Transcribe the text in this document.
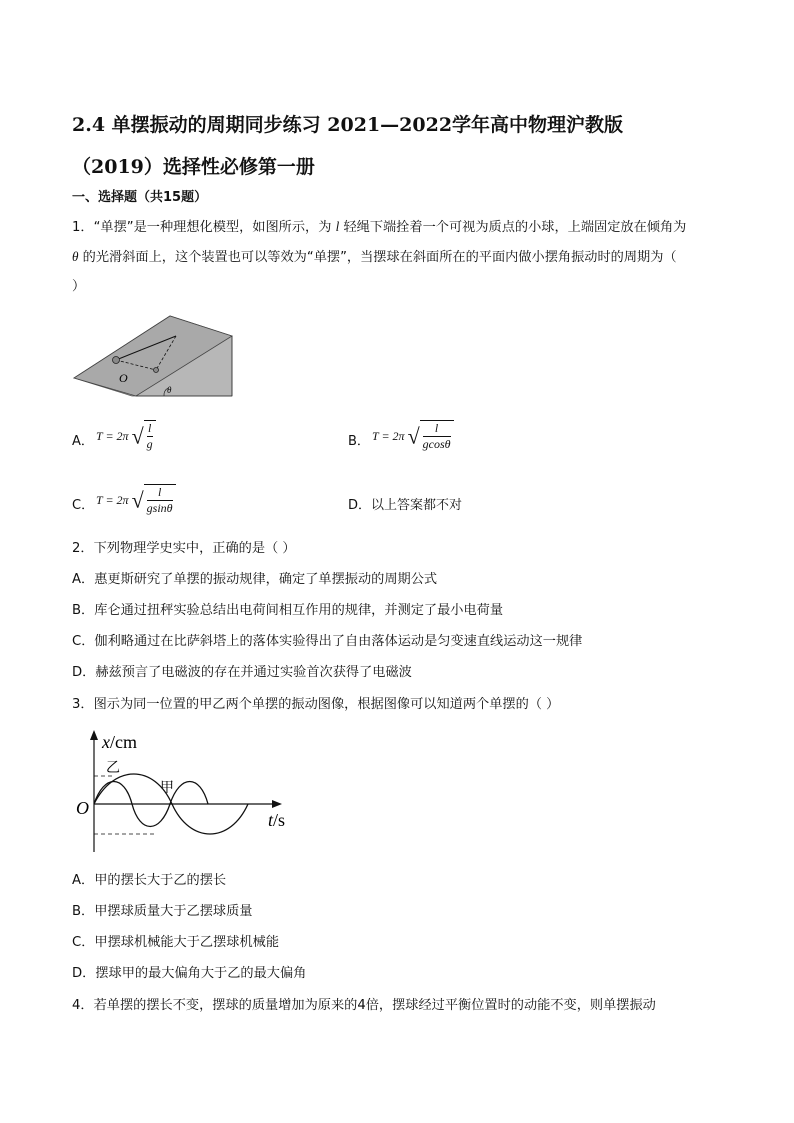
2.4 单摆振动的周期同步练习 2021—2022学年高中物理沪教版
（2019）选择性必修第一册
一、选择题（共15题）
1．“单摆”是一种理想化模型，如图所示，为 l 轻绳下端拴着一个可视为质点的小球，上端固定放在倾角为
θ 的光滑斜面上，这个装置也可以等效为“单摆”，当摆球在斜面所在的平面内做小摆角振动时的周期为（
）
O
θ
A． T = 2π √ $\frac{l}{g}$	B． T = 2π √ $\frac{l}{gcos\theta}$
C． T = 2π √ $\frac{l}{gsin\theta}$	D．以上答案都不对
2．下列物理学史实中，正确的是（ ）
A．惠更斯研究了单摆的振动规律，确定了单摆振动的周期公式
B．库仑通过扭秤实验总结出电荷间相互作用的规律，并测定了最小电荷量
C．伽利略通过在比萨斜塔上的落体实验得出了自由落体运动是匀变速直线运动这一规律
D．赫兹预言了电磁波的存在并通过实验首次获得了电磁波
3．图示为同一位置的甲乙两个单摆的振动图像，根据图像可以知道两个单摆的（ ）
x/cm
t/s
O
乙
甲
A．甲的摆长大于乙的摆长
B．甲摆球质量大于乙摆球质量
C．甲摆球机械能大于乙摆球机械能
D．摆球甲的最大偏角大于乙的最大偏角
4．若单摆的摆长不变，摆球的质量增加为原来的4倍，摆球经过平衡位置时的动能不变，则单摆振动
